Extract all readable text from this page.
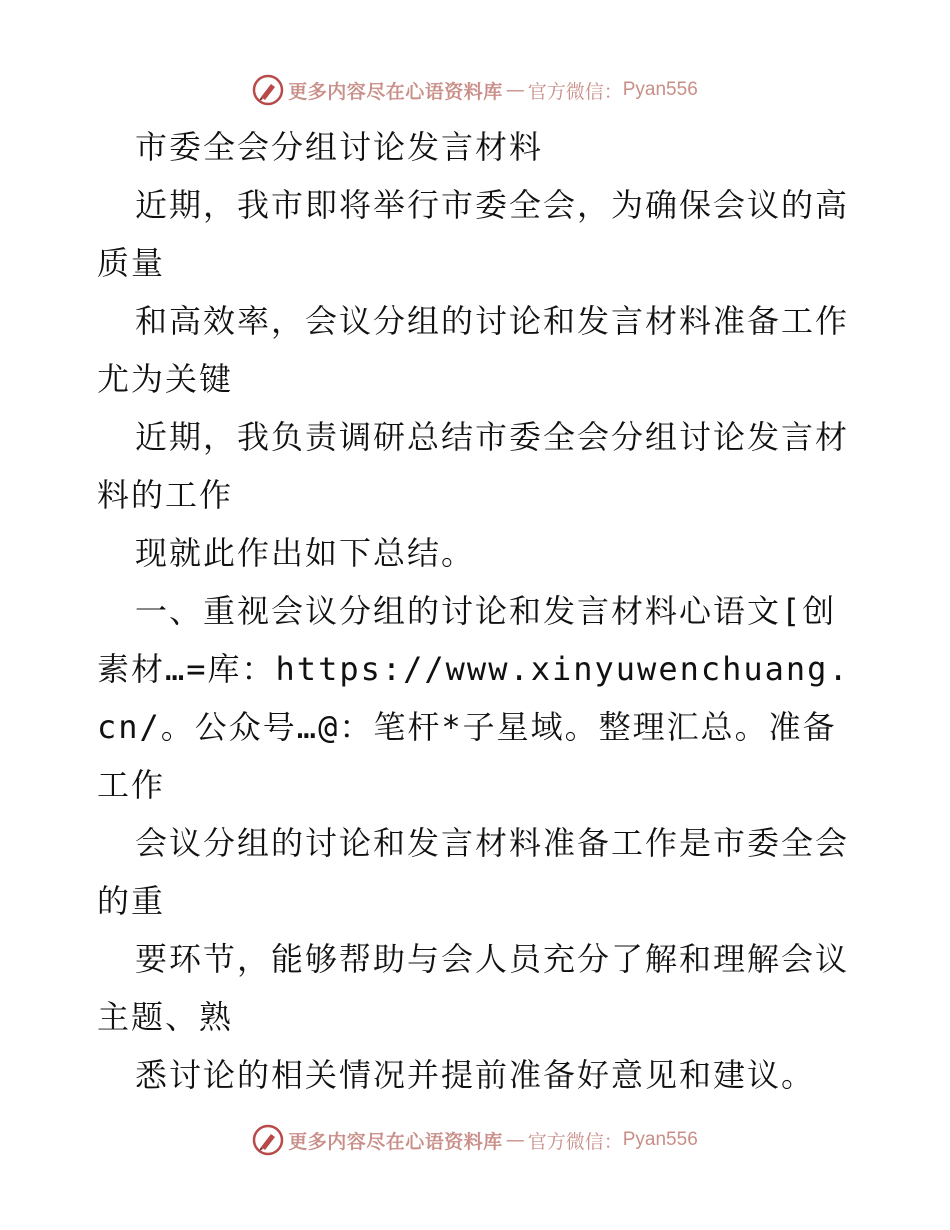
更多内容尽在心语资料库 — 官方微信： Pyan556

市委全会分组讨论发言材料

近期，我市即将举行市委全会，为确保会议的高质量

和高效率，会议分组的讨论和发言材料准备工作尤为关键

近期，我负责调研总结市委全会分组讨论发言材料的工作

现就此作出如下总结。

一、重视会议分组的讨论和发言材料心语文[创素材…=库：https://www.xinyuwenchuang.cn/。公众号…@：笔杆*子星域。整理汇总。准备工作

会议分组的讨论和发言材料准备工作是市委全会的重

要环节，能够帮助与会人员充分了解和理解会议主题、熟

悉讨论的相关情况并提前准备好意见和建议。

更多内容尽在心语资料库 — 官方微信： Pyan556
